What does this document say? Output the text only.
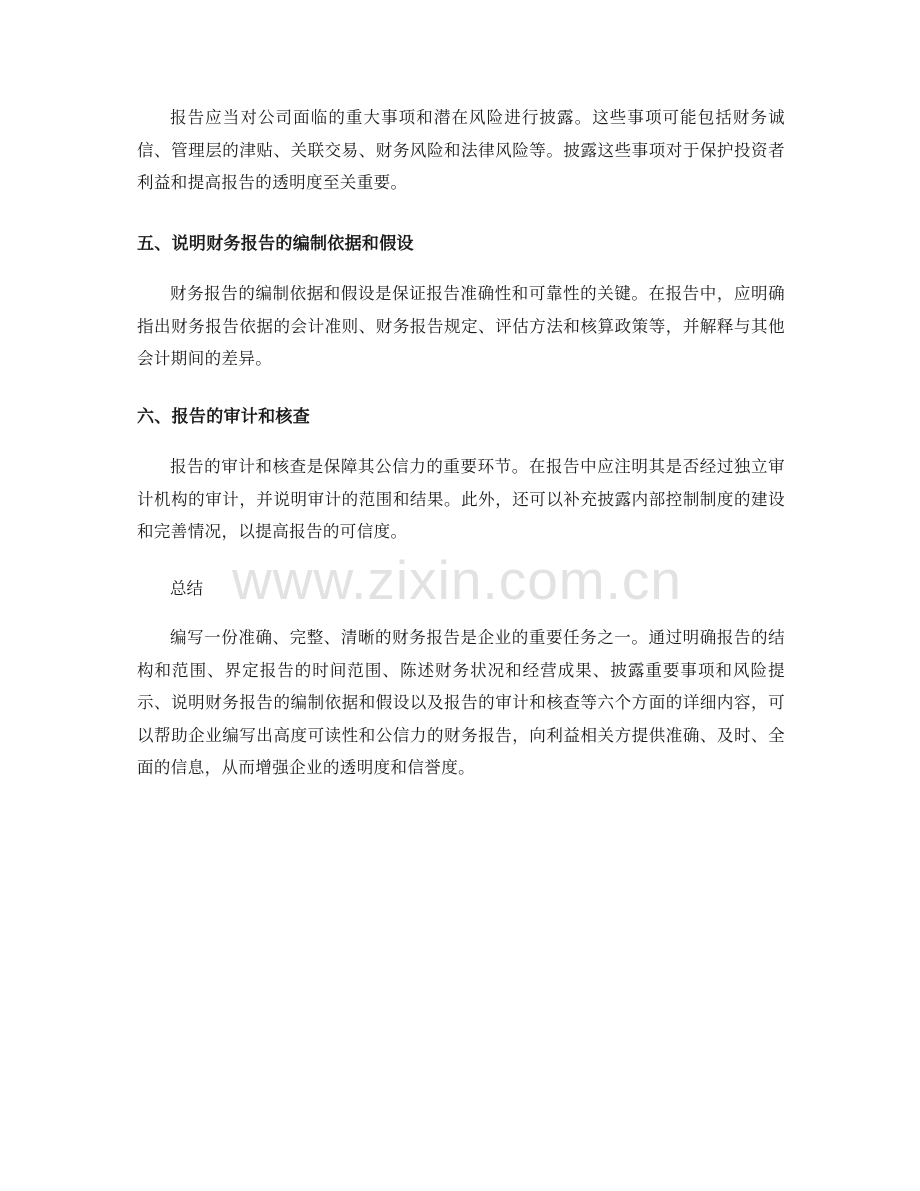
报告应当对公司面临的重大事项和潜在风险进行披露。这些事项可能包括财务诚信、管理层的津贴、关联交易、财务风险和法律风险等。披露这些事项对于保护投资者利益和提高报告的透明度至关重要。

五、说明财务报告的编制依据和假设

财务报告的编制依据和假设是保证报告准确性和可靠性的关键。在报告中，应明确指出财务报告依据的会计准则、财务报告规定、评估方法和核算政策等，并解释与其他会计期间的差异。

六、报告的审计和核查

报告的审计和核查是保障其公信力的重要环节。在报告中应注明其是否经过独立审计机构的审计，并说明审计的范围和结果。此外，还可以补充披露内部控制制度的建设和完善情况，以提高报告的可信度。

总结

编写一份准确、完整、清晰的财务报告是企业的重要任务之一。通过明确报告的结构和范围、界定报告的时间范围、陈述财务状况和经营成果、披露重要事项和风险提示、说明财务报告的编制依据和假设以及报告的审计和核查等六个方面的详细内容，可以帮助企业编写出高度可读性和公信力的财务报告，向利益相关方提供准确、及时、全面的信息，从而增强企业的透明度和信誉度。

www.zixin.com.cn
